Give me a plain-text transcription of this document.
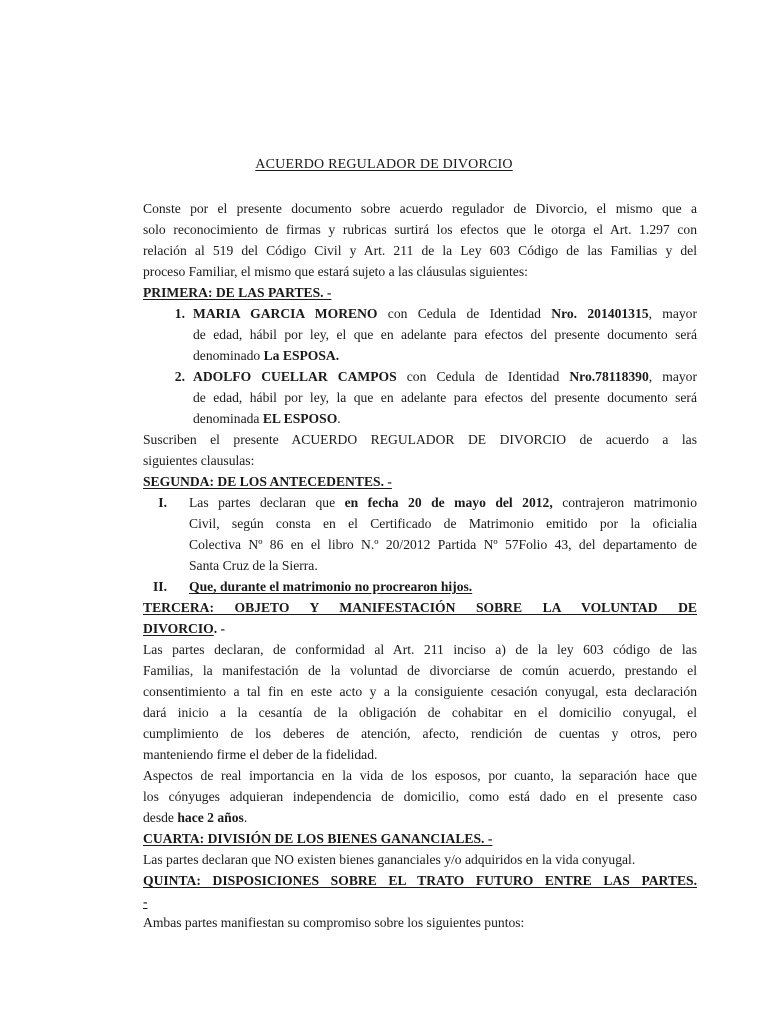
ACUERDO REGULADOR DE DIVORCIO
Conste por el presente documento sobre acuerdo regulador de Divorcio, el mismo que a
solo reconocimiento de firmas y rubricas surtirá los efectos que le otorga el Art. 1.297 con
relación al 519 del Código Civil y Art. 211 de la Ley 603 Código de las Familias y del
proceso Familiar, el mismo que estará sujeto a las cláusulas siguientes:
PRIMERA: DE LAS PARTES. -
1. MARIA GARCIA MORENO con Cedula de Identidad Nro. 201401315, mayor
de edad, hábil por ley, el que en adelante para efectos del presente documento será
denominado La ESPOSA.
2. ADOLFO CUELLAR CAMPOS con Cedula de Identidad Nro.78118390, mayor
de edad, hábil por ley, la que en adelante para efectos del presente documento será
denominada EL ESPOSO.
Suscriben el presente ACUERDO REGULADOR DE DIVORCIO de acuerdo a las
siguientes clausulas:
SEGUNDA: DE LOS ANTECEDENTES. -
I. Las partes declaran que en fecha 20 de mayo del 2012, contrajeron matrimonio
Civil, según consta en el Certificado de Matrimonio emitido por la oficialia
Colectiva Nº 86 en el libro N.º 20/2012 Partida Nº 57Folio 43, del departamento de
Santa Cruz de la Sierra.
II. Que, durante el matrimonio no procrearon hijos.
TERCERA: OBJETO Y MANIFESTACIÓN SOBRE LA VOLUNTAD DE
DIVORCIO. -
Las partes declaran, de conformidad al Art. 211 inciso a) de la ley 603 código de las
Familias, la manifestación de la voluntad de divorciarse de común acuerdo, prestando el
consentimiento a tal fin en este acto y a la consiguiente cesación conyugal, esta declaración
dará inicio a la cesantía de la obligación de cohabitar en el domicilio conyugal, el
cumplimiento de los deberes de atención, afecto, rendición de cuentas y otros, pero
manteniendo firme el deber de la fidelidad.
Aspectos de real importancia en la vida de los esposos, por cuanto, la separación hace que
los cónyuges adquieran independencia de domicilio, como está dado en el presente caso
desde hace 2 años.
CUARTA: DIVISIÓN DE LOS BIENES GANANCIALES. -
Las partes declaran que NO existen bienes gananciales y/o adquiridos en la vida conyugal.
QUINTA: DISPOSICIONES SOBRE EL TRATO FUTURO ENTRE LAS PARTES.
-
Ambas partes manifiestan su compromiso sobre los siguientes puntos:
